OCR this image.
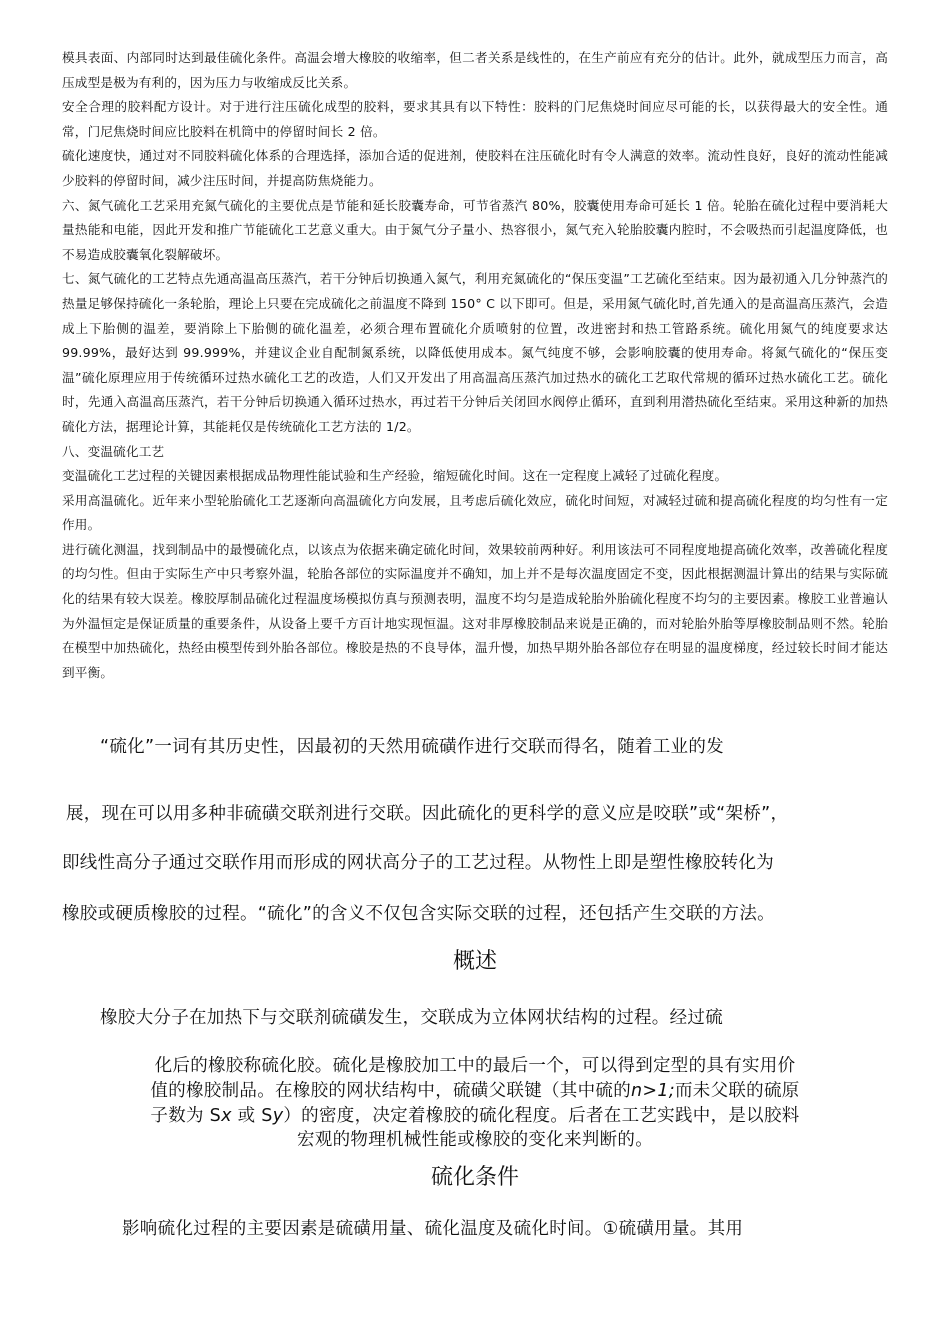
模具表面、内部同时达到最佳硫化条件。高温会增大橡胶的收缩率，但二者关系是线性的，在生产前应有充分的估计。此外，就成型压力而言，高压成型是极为有利的，因为压力与收缩成反比关系。

安全合理的胶料配方设计。对于进行注压硫化成型的胶料，要求其具有以下特性：胶料的门尼焦烧时间应尽可能的长，以获得最大的安全性。通常，门尼焦烧时间应比胶料在机筒中的停留时间长 2 倍。

硫化速度快，通过对不同胶料硫化体系的合理选择，添加合适的促进剂，使胶料在注压硫化时有令人满意的效率。流动性良好，良好的流动性能减少胶料的停留时间，减少注压时间，并提高防焦烧能力。

六、氮气硫化工艺采用充氮气硫化的主要优点是节能和延长胶囊寿命，可节省蒸汽 80%，胶囊使用寿命可延长 1 倍。轮胎在硫化过程中要消耗大量热能和电能，因此开发和推广节能硫化工艺意义重大。由于氮气分子量小、热容很小，氮气充入轮胎胶囊内腔时，不会吸热而引起温度降低，也不易造成胶囊氧化裂解破坏。

七、氮气硫化的工艺特点先通高温高压蒸汽，若干分钟后切换通入氮气，利用充氮硫化的“保压变温”工艺硫化至结束。因为最初通入几分钟蒸汽的热量足够保持硫化一条轮胎，理论上只要在完成硫化之前温度不降到 150° C 以下即可。但是，采用氮气硫化时,首先通入的是高温高压蒸汽，会造成上下胎侧的温差，要消除上下胎侧的硫化温差，必须合理布置硫化介质喷射的位置，改进密封和热工管路系统。硫化用氮气的纯度要求达 99.99%，最好达到 99.999%，并建议企业自配制氮系统，以降低使用成本。氮气纯度不够，会影响胶囊的使用寿命。将氮气硫化的“保压变温”硫化原理应用于传统循环过热水硫化工艺的改造，人们又开发出了用高温高压蒸汽加过热水的硫化工艺取代常规的循环过热水硫化工艺。硫化时，先通入高温高压蒸汽，若干分钟后切换通入循环过热水，再过若干分钟后关闭回水阀停止循环，直到利用潜热硫化至结束。采用这种新的加热硫化方法，据理论计算，其能耗仅是传统硫化工艺方法的 1/2。

八、变温硫化工艺

变温硫化工艺过程的关键因素根据成品物理性能试验和生产经验，缩短硫化时间。这在一定程度上减轻了过硫化程度。

采用高温硫化。近年来小型轮胎硫化工艺逐渐向高温硫化方向发展，且考虑后硫化效应，硫化时间短，对减轻过硫和提高硫化程度的均匀性有一定作用。

进行硫化测温，找到制品中的最慢硫化点，以该点为依据来确定硫化时间，效果较前两种好。利用该法可不同程度地提高硫化效率，改善硫化程度的均匀性。但由于实际生产中只考察外温，轮胎各部位的实际温度并不确知，加上并不是每次温度固定不变，因此根据测温计算出的结果与实际硫化的结果有较大误差。橡胶厚制品硫化过程温度场模拟仿真与预测表明，温度不均匀是造成轮胎外胎硫化程度不均匀的主要因素。橡胶工业普遍认为外温恒定是保证质量的重要条件，从设备上要千方百计地实现恒温。这对非厚橡胶制品来说是正确的，而对轮胎外胎等厚橡胶制品则不然。轮胎在模型中加热硫化，热经由模型传到外胎各部位。橡胶是热的不良导体，温升慢，加热早期外胎各部位存在明显的温度梯度，经过较长时间才能达到平衡。

“硫化”一词有其历史性，因最初的天然用硫磺作进行交联而得名，随着工业的发
展，现在可以用多种非硫磺交联剂进行交联。因此硫化的更科学的意义应是咬联”或“架桥”，
即线性高分子通过交联作用而形成的网状高分子的工艺过程。从物性上即是塑性橡胶转化为
橡胶或硬质橡胶的过程。“硫化”的含义不仅包含实际交联的过程，还包括产生交联的方法。
概述
橡胶大分子在加热下与交联剂硫磺发生，交联成为立体网状结构的过程。经过硫
化后的橡胶称硫化胶。硫化是橡胶加工中的最后一个，可以得到定型的具有实用价
值的橡胶制品。在橡胶的网状结构中，硫磺父联键（其中硫的n>1;而未父联的硫原
子数为 Sx 或 Sy）的密度，决定着橡胶的硫化程度。后者在工艺实践中，是以胶料
宏观的物理机械性能或橡胶的变化来判断的。
硫化条件
影响硫化过程的主要因素是硫磺用量、硫化温度及硫化时间。①硫磺用量。其用
